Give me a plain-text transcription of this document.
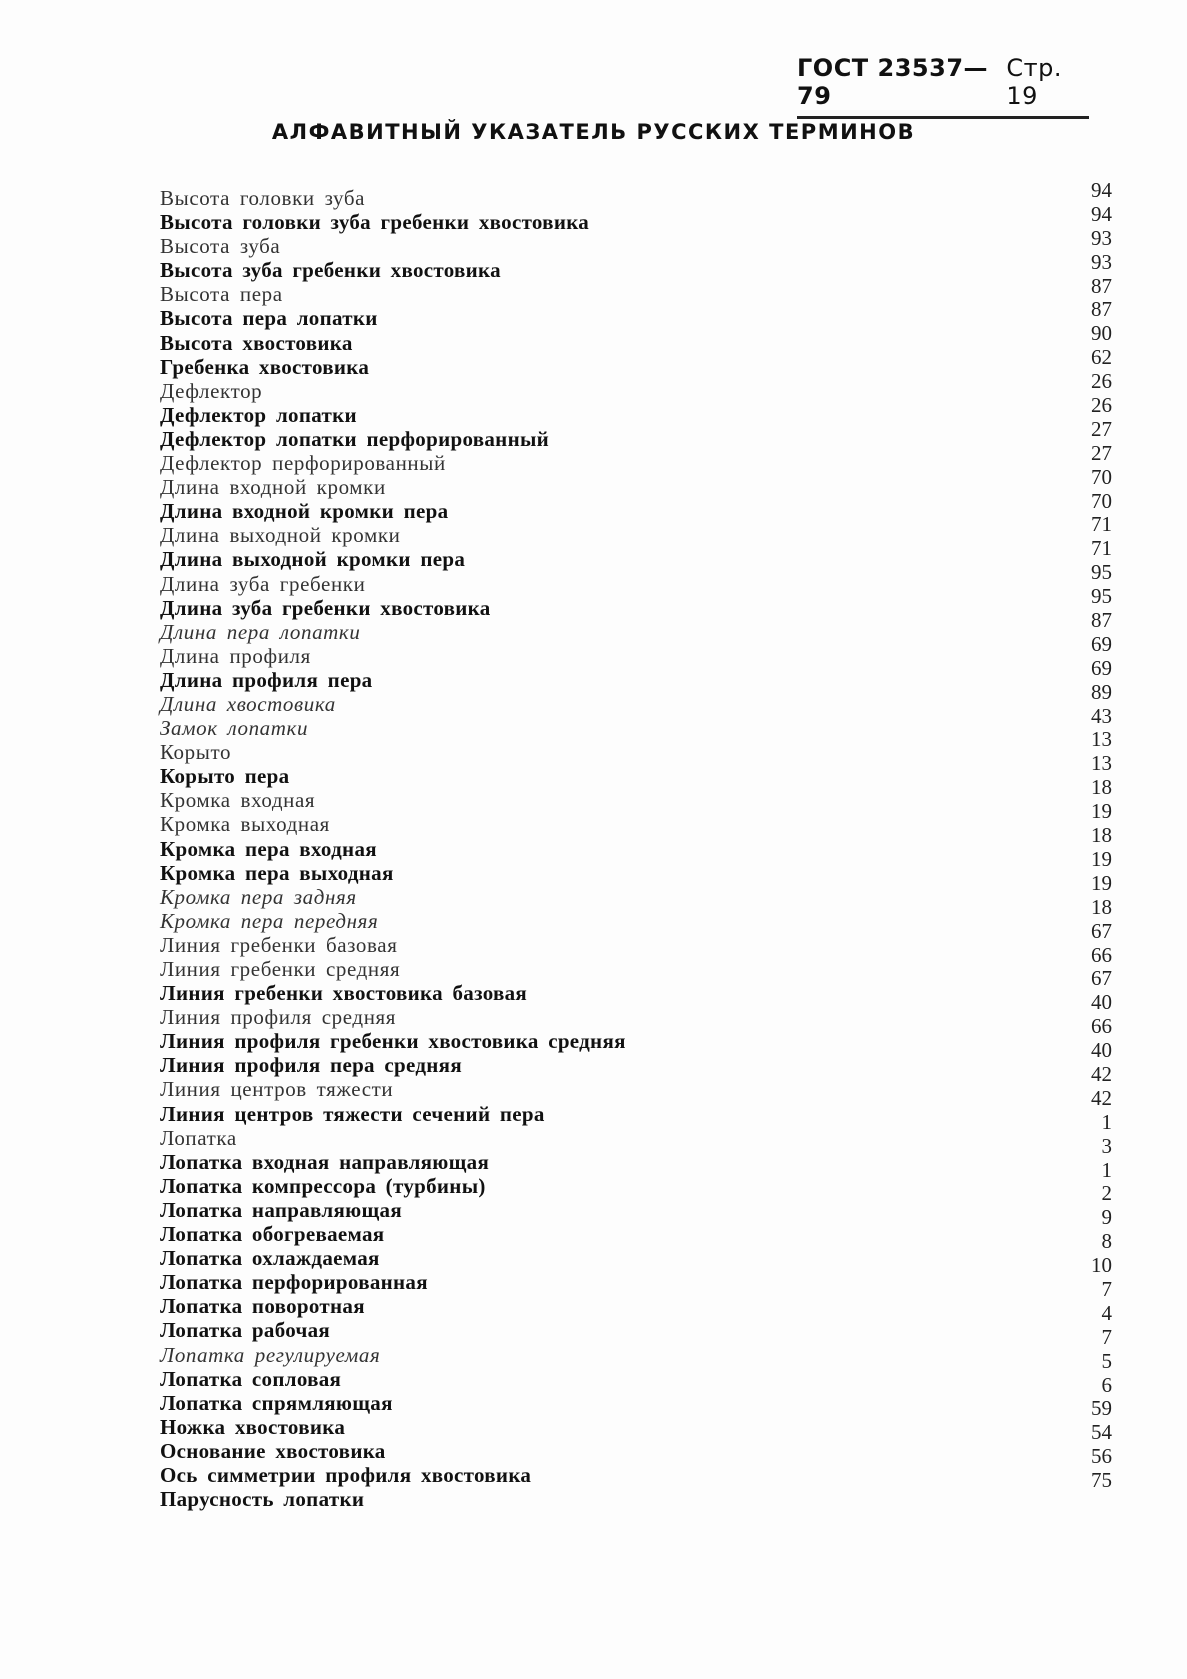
ГОСТ 23537—79
Стр. 19
АЛФАВИТНЫЙ УКАЗАТЕЛЬ РУССКИХ ТЕРМИНОВ
Высота головки зуба
Высота головки зуба гребенки хвостовика
Высота зуба
Высота зуба гребенки хвостовика
Высота пера
Высота пера лопатки
Высота хвостовика
Гребенка хвостовика
Дефлектор
Дефлектор лопатки
Дефлектор лопатки перфорированный
Дефлектор перфорированный
Длина входной кромки
Длина входной кромки пера
Длина выходной кромки
Длина выходной кромки пера
Длина зуба гребенки
Длина зуба гребенки хвостовика
Длина пера лопатки
Длина профиля
Длина профиля пера
Длина хвостовика
Замок лопатки
Корыто
Корыто пера
Кромка входная
Кромка выходная
Кромка пера входная
Кромка пера выходная
Кромка пера задняя
Кромка пера передняя
Линия гребенки базовая
Линия гребенки средняя
Линия гребенки хвостовика базовая
Линия профиля средняя
Линия профиля гребенки хвостовика средняя
Линия профиля пера средняя
Линия центров тяжести
Линия центров тяжести сечений пера
Лопатка
Лопатка входная направляющая
Лопатка компрессора (турбины)
Лопатка направляющая
Лопатка обогреваемая
Лопатка охлаждаемая
Лопатка перфорированная
Лопатка поворотная
Лопатка рабочая
Лопатка регулируемая
Лопатка сопловая
Лопатка спрямляющая
Ножка хвостовика
Основание хвостовика
Ось симметрии профиля хвостовика
Парусность лопатки
94
94
93
93
87
87
90
62
26
26
27
27
70
70
71
71
95
95
87
69
69
89
43
13
13
18
19
18
19
19
18
67
66
67
40
66
40
42
42
1
3
1
2
9
8
10
7
4
7
5
6
59
54
56
75
